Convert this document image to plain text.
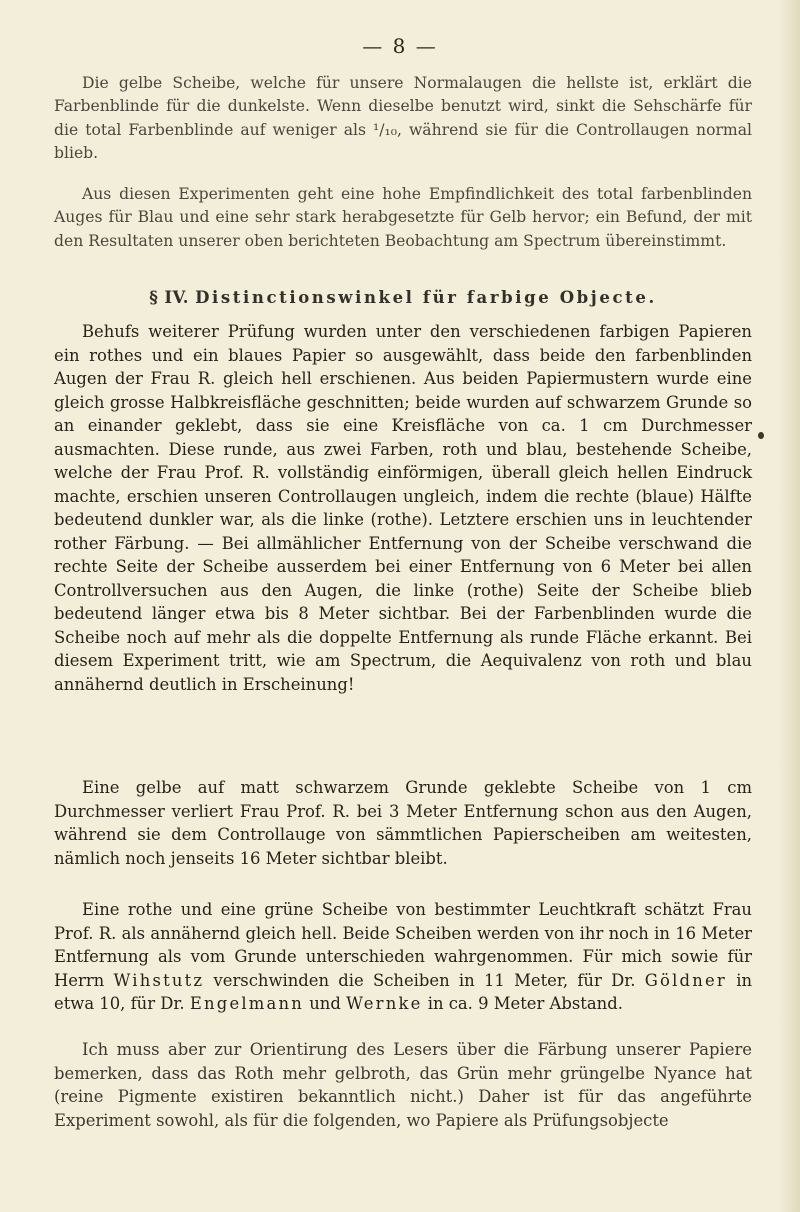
— 8 —

Die gelbe Scheibe, welche für unsere Normalaugen die hellste ist, erklärt die Farbenblinde für die dunkelste. Wenn dieselbe benutzt wird, sinkt die Sehschärfe für die total Farbenblinde auf weniger als ¹/₁₀, während sie für die Controllaugen normal blieb.

Aus diesen Experimenten geht eine hohe Empfindlichkeit des total farbenblinden Auges für Blau und eine sehr stark herabgesetzte für Gelb hervor; ein Befund, der mit den Resultaten unserer oben berichteten Beobachtung am Spectrum übereinstimmt.

§ IV. Distinctionswinkel für farbige Objecte.

Behufs weiterer Prüfung wurden unter den verschiedenen farbigen Papieren ein rothes und ein blaues Papier so ausgewählt, dass beide den farbenblinden Augen der Frau R. gleich hell erschienen. Aus beiden Papiermustern wurde eine gleich grosse Halbkreisfläche geschnitten; beide wurden auf schwarzem Grunde so an einander geklebt, dass sie eine Kreisfläche von ca. 1 cm Durchmesser ausmachten. Diese runde, aus zwei Farben, roth und blau, bestehende Scheibe, welche der Frau Prof. R. vollständig einförmigen, überall gleich hellen Eindruck machte, erschien unseren Controllaugen ungleich, indem die rechte (blaue) Hälfte bedeutend dunkler war, als die linke (rothe). Letztere erschien uns in leuchtender rother Färbung. — Bei allmählicher Entfernung von der Scheibe verschwand die rechte Seite der Scheibe ausserdem bei einer Entfernung von 6 Meter bei allen Controllversuchen aus den Augen, die linke (rothe) Seite der Scheibe blieb bedeutend länger etwa bis 8 Meter sichtbar. Bei der Farbenblinden wurde die Scheibe noch auf mehr als die doppelte Entfernung als runde Fläche erkannt. Bei diesem Experiment tritt, wie am Spectrum, die Aequivalenz von roth und blau annähernd deutlich in Erscheinung!

Eine gelbe auf matt schwarzem Grunde geklebte Scheibe von 1 cm Durchmesser verliert Frau Prof. R. bei 3 Meter Entfernung schon aus den Augen, während sie dem Controllauge von sämmtlichen Papierscheiben am weitesten, nämlich noch jenseits 16 Meter sichtbar bleibt.

Eine rothe und eine grüne Scheibe von bestimmter Leuchtkraft schätzt Frau Prof. R. als annähernd gleich hell. Beide Scheiben werden von ihr noch in 16 Meter Entfernung als vom Grunde unterschieden wahrgenommen. Für mich sowie für Herrn Wihstutz verschwinden die Scheiben in 11 Meter, für Dr. Göldner in etwa 10, für Dr. Engelmann und Wernke in ca. 9 Meter Abstand.

Ich muss aber zur Orientirung des Lesers über die Färbung unserer Papiere bemerken, dass das Roth mehr gelbroth, das Grün mehr grüngelbe Nyance hat (reine Pigmente existiren bekanntlich nicht.) Daher ist für das angeführte Experiment sowohl, als für die folgenden, wo Papiere als Prüfungsobjecte
